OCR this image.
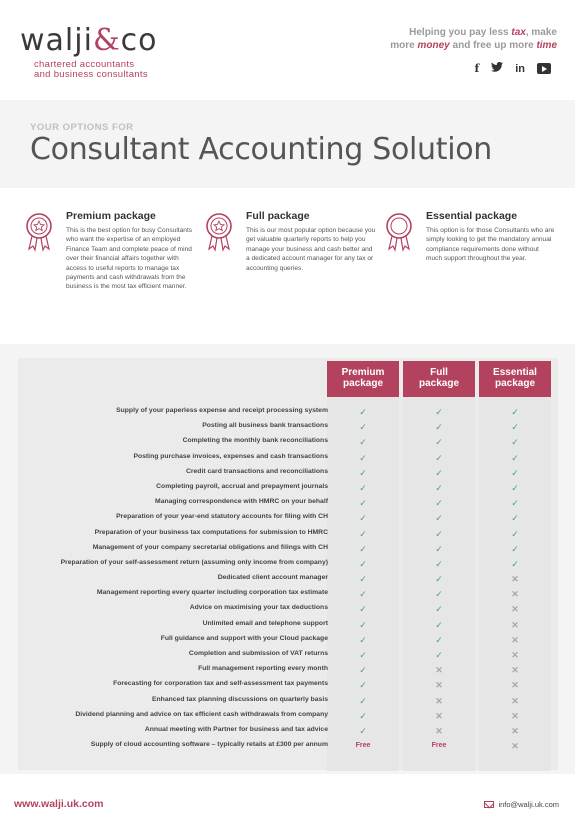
walji&co
chartered accountants
and business consultants
Helping you pay less tax, make
more money and free up more time
f	in
YOUR OPTIONS FOR
Consultant Accounting Solution
Premium package
This is the best option for busy Consultants who want the expertise of an employed Finance Team and complete peace of mind over their financial affairs together with access to useful reports to manage tax payments and cash withdrawals from the business is the most tax efficient manner.
Full package
This is our most popular option because you get valuable quarterly reports to help you manage your business and cash better and a dedicated account manager for any tax or accounting queries.
Essential package
This option is for those Consultants who are simply looking to get the mandatory annual compliance requirements done without much support throughout the year.
Premium
package
Full
package
Essential
package
Supply of your paperless expense and receipt processing system	✓	✓	✓
Posting all business bank transactions	✓	✓	✓
Completing the monthly bank reconciliations	✓	✓	✓
Posting purchase invoices, expenses and cash transactions	✓	✓	✓
Credit card transactions and reconciliations	✓	✓	✓
Completing payroll, accrual and prepayment journals	✓	✓	✓
Managing correspondence with HMRC on your behalf	✓	✓	✓
Preparation of your year-end statutory accounts for filing with CH	✓	✓	✓
Preparation of your business tax computations for submission to HMRC	✓	✓	✓
Management of your company secretarial obligations and filings with CH	✓	✓	✓
Preparation of your self-assessment return (assuming only income from company)	✓	✓	✓
Dedicated client account manager	✓	✓	✕
Management reporting every quarter including corporation tax estimate	✓	✓	✕
Advice on maximising your tax deductions	✓	✓	✕
Unlimited email and telephone support	✓	✓	✕
Full guidance and support with your Cloud package	✓	✓	✕
Completion and submission of VAT returns	✓	✓	✕
Full management reporting every month	✓	✕	✕
Forecasting for corporation tax and self-assessment tax payments	✓	✕	✕
Enhanced tax planning discussions on quarterly basis	✓	✕	✕
Dividend planning and advice on tax efficient cash withdrawals from company	✓	✕	✕
Annual meeting with Partner for business and tax advice	✓	✕	✕
Supply of cloud accounting software – typically retails at £300 per annum	Free	Free	✕
www.walji.uk.com	info@walji.uk.com
